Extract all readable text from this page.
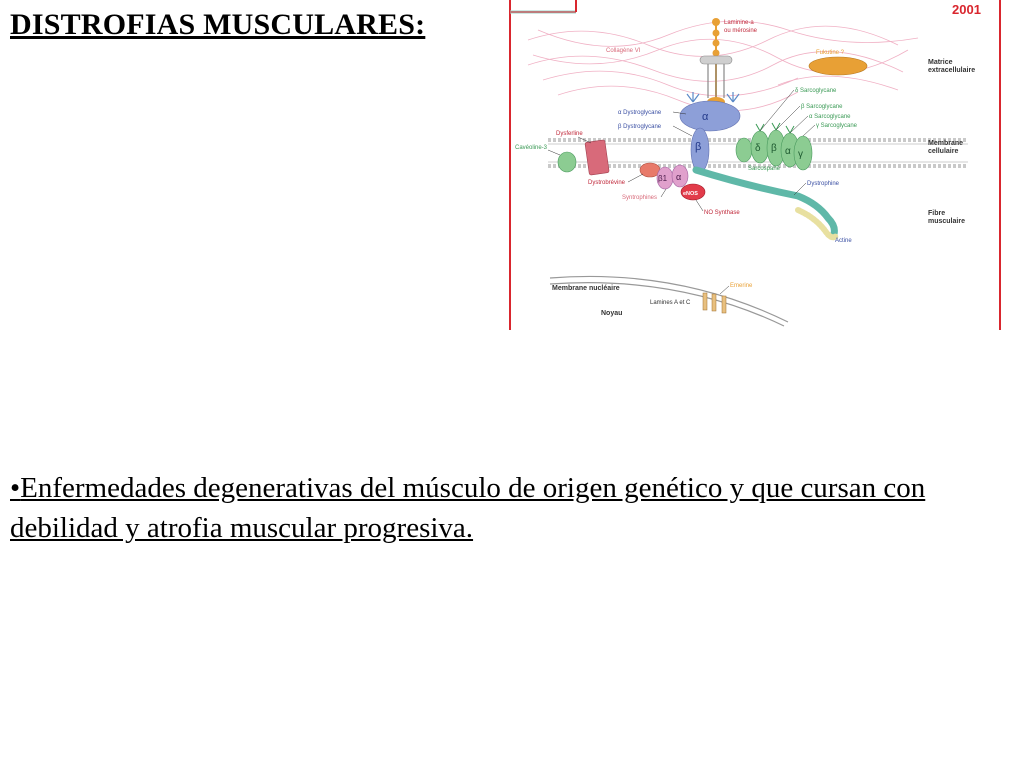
DISTROFIAS MUSCULARES:	2001
Collagène VI
Laminine-a
ou mérosine
Fukutine ?
Matrice
extracellulaire
Membrane
cellulaire
α
β
α Dystroglycane
β Dystroglycane
δ β α γ
δ Sarcoglycane
β Sarcoglycane
α Sarcoglycane
γ Sarcoglycane
Sarcospane
Dysferline
Cavéoline-3
β1 α
eNOS
Dystrobrévine
Syntrophines
NO Synthase
Dystrophine
Actine
Fibre
musculaire
Membrane nucléaire	Emerine
Lamines A et C
Noyau

•Enfermedades degenerativas del músculo de origen genético y que cursan con debilidad y atrofia muscular progresiva.
